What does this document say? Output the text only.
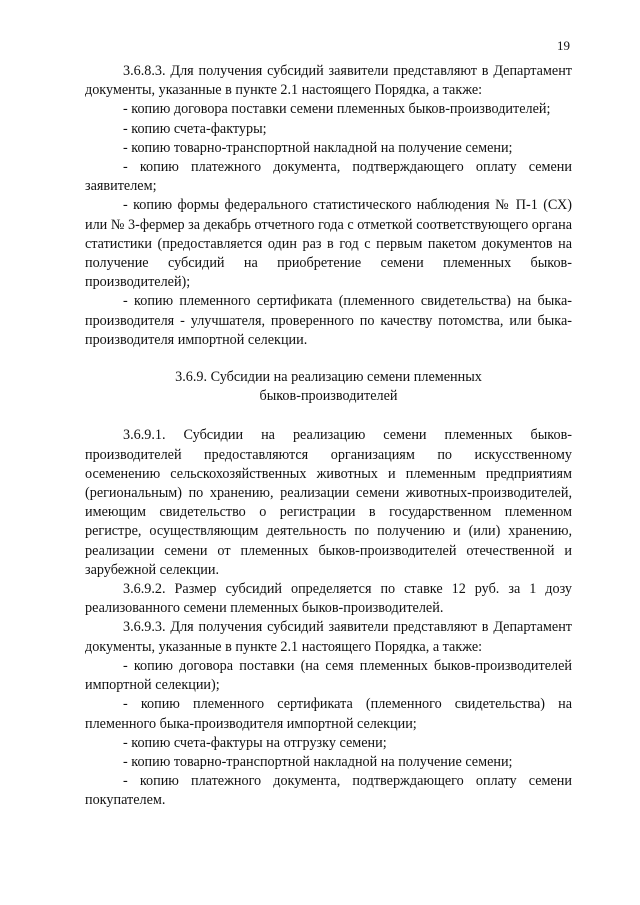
19

3.6.8.3. Для получения субсидий заявители представляют в Департамент документы, указанные в пункте 2.1 настоящего Порядка, а также:

- копию договора поставки семени племенных быков-производителей;

- копию счета-фактуры;

- копию товарно-транспортной накладной на получение семени;

- копию платежного документа, подтверждающего оплату семени заявителем;

- копию формы федерального статистического наблюдения № П-1 (СХ) или № 3-фермер за декабрь отчетного года с отметкой соответствующего органа статистики (предоставляется один раз в год с первым пакетом документов на получение субсидий на приобретение семени племенных быков-производителей);

- копию племенного сертификата (племенного свидетельства) на быка-производителя - улучшателя, проверенного по качеству потомства, или быка-производителя импортной селекции.

3.6.9. Субсидии на реализацию семени племенных
быков-производителей

3.6.9.1. Субсидии на реализацию семени племенных быков-производителей предоставляются организациям по искусственному осеменению сельскохозяйственных животных и племенным предприятиям (региональным) по хранению, реализации семени животных-производителей, имеющим свидетельство о регистрации в государственном племенном регистре, осуществляющим деятельность по получению и (или) хранению, реализации семени от племенных быков-производителей отечественной и зарубежной селекции.

3.6.9.2. Размер субсидий определяется по ставке 12 руб. за 1 дозу реализованного семени племенных быков-производителей.

3.6.9.3. Для получения субсидий заявители представляют в Департамент документы, указанные в пункте 2.1 настоящего Порядка, а также:

- копию договора поставки (на семя племенных быков-производителей импортной селекции);

- копию племенного сертификата (племенного свидетельства) на племенного быка-производителя импортной селекции;

- копию счета-фактуры на отгрузку семени;

- копию товарно-транспортной накладной на получение семени;

- копию платежного документа, подтверждающего оплату семени покупателем.
